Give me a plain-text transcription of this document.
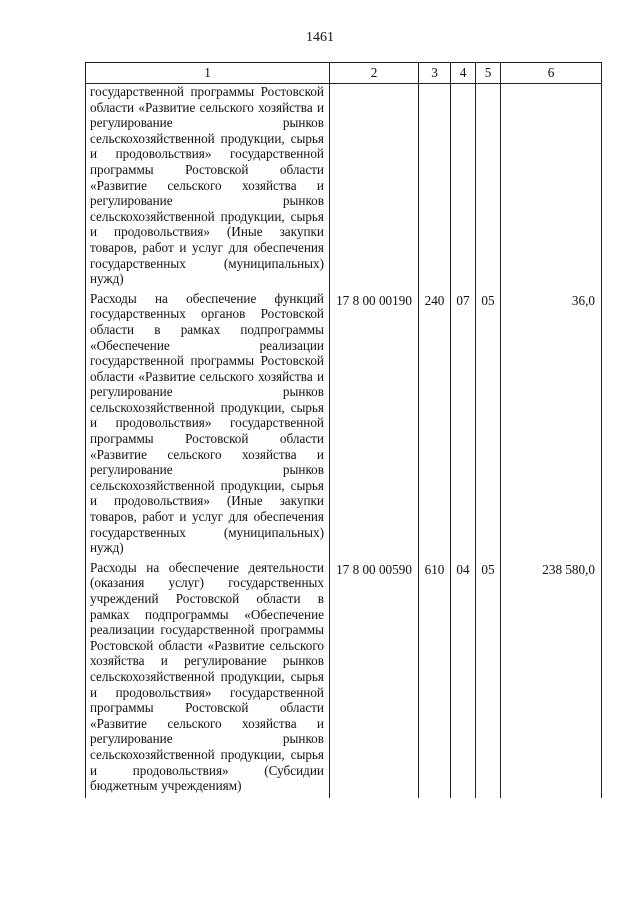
1461
1	2	3	4	5	6
государственной программы Ростовской области «Развитие сельского хозяйства и регулирование рынков сельскохозяйственной продукции, сырья и продовольствия» государственной программы Ростовской области «Развитие сельского хозяйства и регулирование рынков сельскохозяйственной продукции, сырья и продовольствия» (Иные закупки товаров, работ и услуг для обеспечения государственных (муниципальных) нужд)					
Расходы на обеспечение функций государственных органов Ростовской области в рамках подпрограммы «Обеспечение реализации государственной программы Ростовской области «Развитие сельского хозяйства и регулирование рынков сельскохозяйственной продукции, сырья и продовольствия» государственной программы Ростовской области «Развитие сельского хозяйства и регулирование рынков сельскохозяйственной продукции, сырья и продовольствия» (Иные закупки товаров, работ и услуг для обеспечения государственных (муниципальных) нужд)	17 8 00 00190	240	07	05	36,0
Расходы на обеспечение деятельности (оказания услуг) государственных учреждений Ростовской области в рамках подпрограммы «Обеспечение реализации государственной программы Ростовской области «Развитие сельского хозяйства и регулирование рынков сельскохозяйственной продукции, сырья и продовольствия» государственной программы Ростовской области «Развитие сельского хозяйства и регулирование рынков сельскохозяйственной продукции, сырья и продовольствия» (Субсидии бюджетным учреждениям)	17 8 00 00590	610	04	05	238 580,0
